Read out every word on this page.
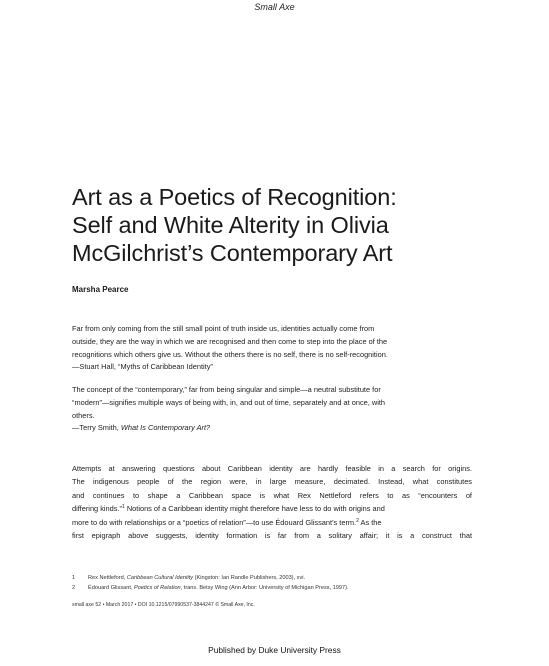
Small Axe
Art as a Poetics of Recognition:
Self and White Alterity in Olivia
McGilchrist’s Contemporary Art
Marsha Pearce
Far from only coming from the still small point of truth inside us, identities actually come from
outside, they are the way in which we are recognised and then come to step into the place of the
recognitions which others give us. Without the others there is no self, there is no self-recognition.
—Stuart Hall, “Myths of Caribbean Identity”
The concept of the “contemporary,” far from being singular and simple—a neutral substitute for
“modern”—signifies multiple ways of being with, in, and out of time, separately and at once, with
others.
—Terry Smith, What Is Contemporary Art?
Attempts at answering questions about Caribbean identity are hardly feasible in a search for origins.
The indigenous people of the region were, in large measure, decimated. Instead, what constitutes
and continues to shape a Caribbean space is what Rex Nettleford refers to as “encounters of
differing kinds.”$^1$ Notions of a Caribbean identity might therefore have less to do with origins and
more to do with relationships or a “poetics of relation”—to use Édouard Glissant’s term.$^2$ As the
first epigraph above suggests, identity formation is far from a solitary affair; it is a construct that
1 Rex Nettleford, Caribbean Cultural Identity (Kingston: Ian Randle Publishers, 2003), xvi.
2 Édouard Glissant, Poetics of Relation, trans. Betsy Wing (Ann Arbor: University of Michigan Press, 1997).
small axe 52 • March 2017 • DOI 10.1215/07990537-3844247 © Small Axe, Inc.
Published by Duke University Press
